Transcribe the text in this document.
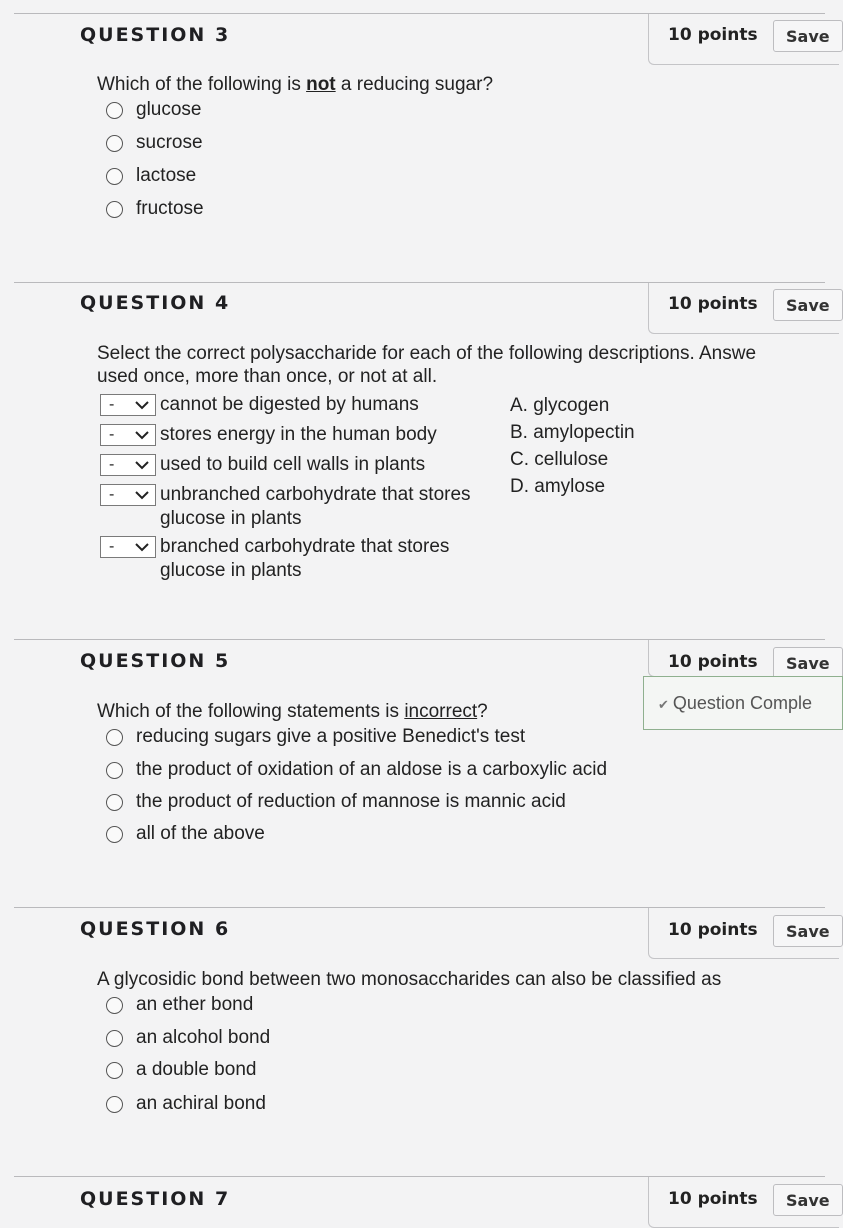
QUESTION 3	10 points	Save
Which of the following is not a reducing sugar?
glucose
sucrose
lactose
fructose
QUESTION 4	10 points	Save
Select the correct polysaccharide for each of the following descriptions. Answe
used once, more than once, or not at all.
- cannot be digested by humans
- stores energy in the human body
- used to build cell walls in plants
- unbranched carbohydrate that stores
glucose in plants
- branched carbohydrate that stores
glucose in plants
A. glycogen
B. amylopectin
C. cellulose
D. amylose
QUESTION 5	10 points	Save
✔ Question Comple
Which of the following statements is incorrect?
reducing sugars give a positive Benedict's test
the product of oxidation of an aldose is a carboxylic acid
the product of reduction of mannose is mannic acid
all of the above
QUESTION 6	10 points	Save
A glycosidic bond between two monosaccharides can also be classified as
an ether bond
an alcohol bond
a double bond
an achiral bond
QUESTION 7	10 points	Save
